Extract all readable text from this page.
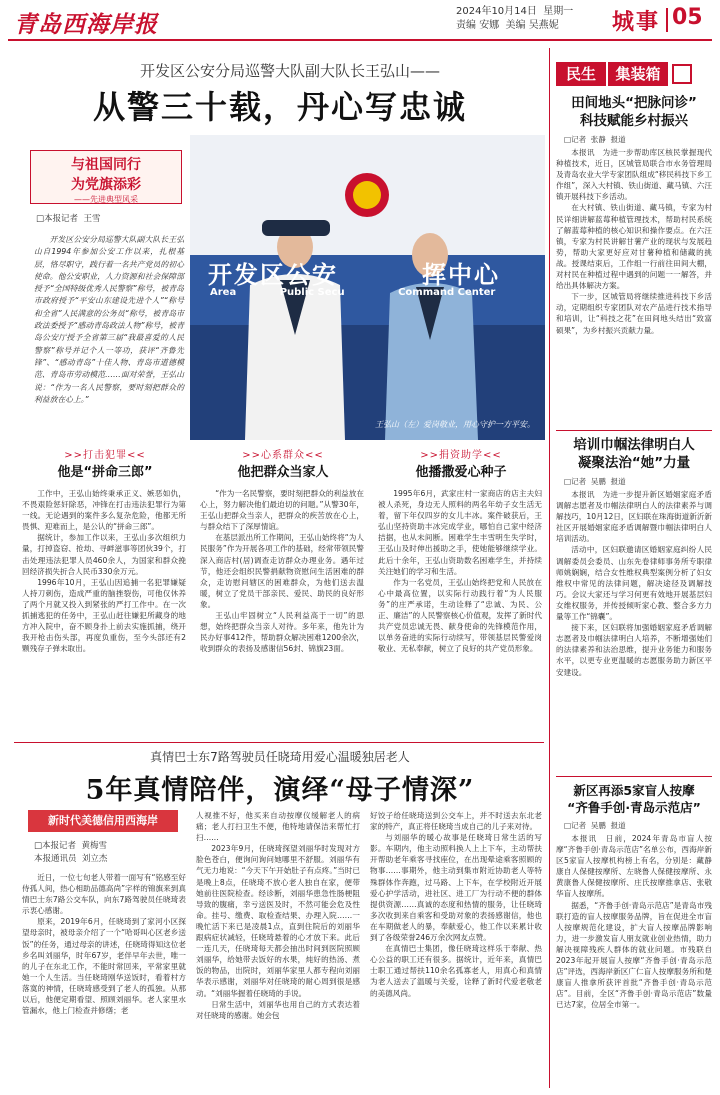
青岛西海岸报	2024年10月14日 星期一
责编 安娜 美编 吴燕妮	城事 05
开发区公安分局巡警大队副大队长王弘山——
从警三十载，丹心写忠诚
与祖国同行
为党旗添彩
——先进典型风采
□本报记者 王雪

开发区公安分局巡警大队副大队长王弘山自1994年参加公安工作以来，扎根基层，恪尽职守，践行着一名共产党员的初心使命。他公安职业，人力资源和社会保障部授予“全国特级优秀人民警察”称号，被青岛市政府授予“平安山东建设先进个人”“称号和全省”人民满意的公务员“称号，被青岛市政法委授予“感动青岛政法人物”称号，被青岛公安厅授予全省第三届“我最喜爱的人民警察”称号并记个人一等功，获评“齐鲁先锋”、“感动青岛”十佳人物、青岛市道德模范、青岛市劳动模范……面对荣誉，王弘山说：“作为一名人民警察，要时刻把群众的利益放在心上。”

开发区公安	挥中心
Area	Public Secu	Command Center
王弘山（左）爱岗敬业，用心守护一方平安。
>>打击犯罪<<
他是“拼命三郎”
>>心系群众<<
他把群众当家人
>>捐资助学<<
他播撒爱心种子

工作中，王弘山始终秉承正义、嫉恶如仇，不畏艰险惩奸除恶，冲锋在打击违法犯罪行为第一线。无论遇到的案件多么复杂危险，他都无所畏惧、迎难而上，是公认的“拼命三郎”。

据统计，参加工作以来，王弘山多次组织力量，打掉盗窃、抢劫、寻衅滋事等团伙39个，打击处理违法犯罪人员460余人，为国家和群众挽回经济损失折合人民币330余万元。

1996年10月，王弘山因追捕一名犯罪嫌疑人持刀刺伤，造成严重的脑挫裂伤，可他仅休养了两个月就又投入到紧张的严打工作中。在一次抓捕逃犯的任务中，王弘山赶往嫌犯所藏身的地方冲入院中，奋不顾身扑上前去实施抓捕，绕开我开枪击伤头部，再度负重伤，至今头部还有2颗残存子弹未取出。

“作为一名民警察，要时刻把群众的利益放在心上，努力解决他们最迫切的问题。”从警30年，王弘山把群众当亲人，把群众的疾苦放在心上，与群众结下了深厚情谊。

在基层派出所工作期间，王弘山始终将“为人民服务”作为开展各项工作的基础，经常带领民警深入商店村(居)调查走访群众办理业务。遇年过节，他还会组织民警捐献物资慰问生活困难的群众，走访慰问辖区的困难群众，为他们送去温暖，树立了党员干部亲民、爱民、助民的良好形象。

王弘山牢固树立“人民利益高于一切”的思想，始终把群众当亲人对待。多年来，他先计为民办好事412件，帮助群众解决困难1200余次，收到群众的表扬及感谢信56封、锦旗23面。

1995年6月，武家庄村一家商店的店主夫妇被人杀死，身边无人照料的两名年幼子女生活无着，留下年仅四岁的女儿丰冰。案件破获后，王弘山坚持资助丰冰完成学业，哪怕自己家中经济拮据，也从未间断。困难学生丰雪明生失学时，王弘山及时伸出援助之手，使她能够继续学业。此后十余年，王弘山资助数名困难学生，并持续关注她们的学习和生活。

作为一名党员，王弘山始终把党和人民放在心中最高位置，以实际行动践行着“为人民服务”的庄严承诺，生动诠释了“忠诚、为民、公正、廉洁”的人民警察核心价值观，发挥了新时代共产党员忠诚无畏、献身使命的先锋模范作用，以单务奋进的实际行动续写，带领基层民警爱岗敬业、无私奉献，树立了良好的共产党员形象。

真情巴士东7路驾驶员任晓琦用爱心温暖独居老人
5年真情陪伴，演绎“母子情深”
新时代美德信用西海岸
□本报记者 黄梅雪
本报通讯员 刘立杰

近日，一位七旬老人带着一面写有“铭感至好侍孤人间，热心相助品德高尚”字样的锦旗来到真情巴士东7路公交车队，向东7路驾驶员任晓琦表示衷心感谢。

原来，2019年6月，任晓琦到了家河小区探望母亲时，被母亲介绍了一个“哈哥叫心区老乡送饭”的任务，通过母亲的讲述，任晓琦得知这位老乡名叫刘丽华，时年67岁，老伴早年去世，唯一的儿子在东北工作，不能时常回来，平常家里就她一个人生活。当任晓琦刚华送饭时，看着村方落寞的神情，任晓琦感受到了老人的孤独。从那以后，他便定期看望、照顾刘丽华。老人家里水管漏水，他上门检查并修缮；老

人视推不好，他买来自动按摩仪缓解老人的病痛；老人打扫卫生不便，他特地请保洁来帮忙打扫……

2023年9月，任晓琦探望刘丽华时发现对方脸色苍白，便询问询问她哪里不舒服。刘丽华有气无力地说：“今天下午开始肚子有点疼。”当时已是晚上8点，任晓琦不放心老人独自在家，便带她前往医院检查。经诊断，刘丽华患急性肠梗阻导致的腹痛，幸亏送医及时，不然可能会危及性命。挂号、缴费、取检查结果、办理入院……一晚忙活下来已是凌晨1点，直到住院后的刘丽华跟病症状减轻，任晓琦悬着的心才放下来。此后一连几天，任晓琦每天都会抽出时间到医院照顾刘丽华，给她带去饭好的水果，炖好的热汤、煮饭的物品，出院时，刘丽华家里人都专程向刘丽华表示感谢，刘丽华对任晓琦的耐心周到很是感动。“刘丽华握着任晓琦的手说。

日常生活中，刘丽华也用自己的方式表达着对任晓琦的感谢。她会包

好饺子给任晓琦送到公交车上，并不时送去东北老家的特产，真正将任晓琦当成自己的儿子来对待。

与刘丽华的暖心故事是任晓琦日常生活的写影。车期内，他主动照料换人上上下车，主动帮扶开帮助老年乘客寻找座位，在出现晕途乘客照顾的物事……事期外，他主动到集市附近协助老人等特殊群体作奔跑，过马路、上下车，在学校附近开展爱心护学活动，进社区、进工厂为行动不便的群体提供资源……真诚的态度和热情的服务，让任晓琦多次收到来自乘客和受助对象的表扬感谢信，他也在车期做老人的暴，奉献爱心，他工作以来累计收到了各级荣誉246万余次网友点赞。

在真情巴士集团，像任晓琦这样乐于奉献、热心公益的职工还有很多。据统计，近年来，真情巴士职工通过帮扶110余名孤寡老人，用真心和真情为老人送去了温暖与关爱，诠释了新时代爱老敬老的美德风尚。

民生	集装箱
田间地头“把脉问诊”
科技赋能乡村振兴
□记者 张静 报道

本报讯　为进一步帮助库区核民掌握现代种植技术，近日，区城管局联合市水务管理局及青岛农业大学专家团队组成“移民科技下乡工作组”，深入大村镇、铁山街道、藏马镇、六汪镇开展科技下乡活动。

在大村镇、铁山街道、藏马镇，专家为村民详细讲解蓝莓种植管理技术，帮助村民系统了解蓝莓种植的核心知识和操作要点。在六汪镇，专家为村民讲解甘薯产业的现状与发展趋势，帮助大家更好应对甘薯种植和储藏的挑战。授课结束后，工作组一行前往田间大棚，对村民在种植过程中遇到的问题一一解答，并给出具体解决方案。

下一步，区城管局将继续推进科技下乡活动，定期组织专家团队对农产品进行技术指导和培训，让“科技之花”在田间地头结出“致富硕果”，为乡村振兴贡献力量。

培训巾帼法律明白人
凝聚法治“她”力量
□记者 吴鹏 报道

本报讯　为进一步提升新区婚姻家庭矛盾调解志愿者及巾帼法律明白人的法律素养与调解技巧，10月12日，区妇联在珠海街道新沂新社区开展婚姻家庭矛盾调解暨巾帼法律明白人培训活动。

活动中，区妇联邀请区婚姻家庭纠纷人民调解委员会委员、山东先卷律师事务所专职律师姚娴娴，结合女性维权典型案例分析了妇女维权中常见的法律问题，解决途径及调解技巧。会议大家还与学习何更有效地开展基层妇女维权服务，并传授倾听家心教、整合多方力量等工作“锦囊”。

接下来，区妇联将加强婚姻家庭矛盾调解志愿者及巾帼法律明白人培养，不断增强她们的法律素养和法治思维，提升业务能力和服务水平，以更专业更温暖的志愿服务助力新区平安建设。

新区再添5家盲人按摩
“齐鲁手创·青岛示范店”
□记者 吴鹏 报道

本报讯　日前，2024年青岛市盲人按摩“齐鲁手创·青岛示范店”名单公布，西海岸新区5家盲人按摩机构榜上有名，分别是：藏静康自人保健按摩所、左晓鲁人保健按摩所、永黄康鲁人保健按摩所、庄氏按摩推拿店、张敬华盲人按摩所。

据悉，“齐鲁手创·青岛示范店”是青岛市残联打造的盲人按摩服务品牌，旨在促进全市盲人按摩规范化建设，扩大盲人按摩品牌影响力，进一步激发盲人朋友就业创业热情，助力解决视障残疾人群体的就业问题。市残联自2023年起开展盲人按摩“齐鲁手创·青岛示范店”评选，西海岸新区广仁盲人按摩服务所和楚康盲人推拿所获评首批“齐鲁手创·青岛示范店”。目前，全区“齐鲁手创·青岛示范店”数量已达7家，位居全市第一。
